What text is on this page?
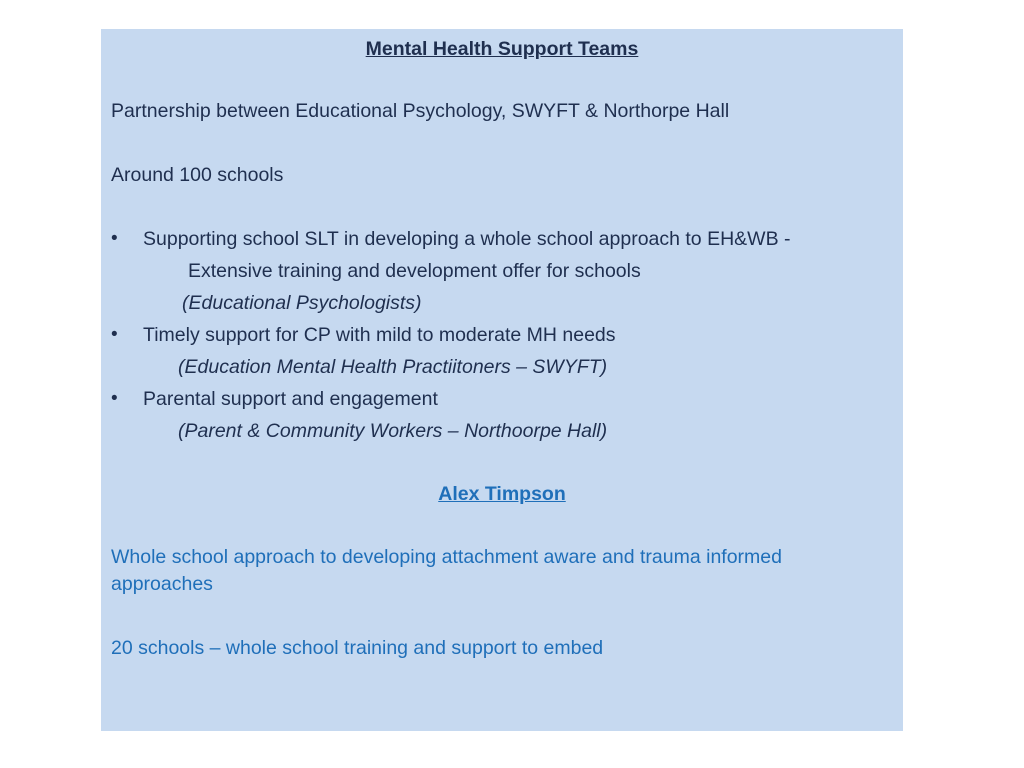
Mental Health Support Teams
Partnership between Educational Psychology, SWYFT & Northorpe Hall
Around 100 schools
• Supporting school SLT in developing a whole school approach to EH&WB -
Extensive training and development offer for schools
(Educational Psychologists)
• Timely support for CP with mild to moderate MH needs
(Education Mental Health Practiitoners – SWYFT)
• Parental support and engagement
(Parent & Community Workers – Northoorpe Hall)
Alex Timpson
Whole school approach to developing attachment aware and trauma informed approaches
20 schools – whole school training and support to embed
